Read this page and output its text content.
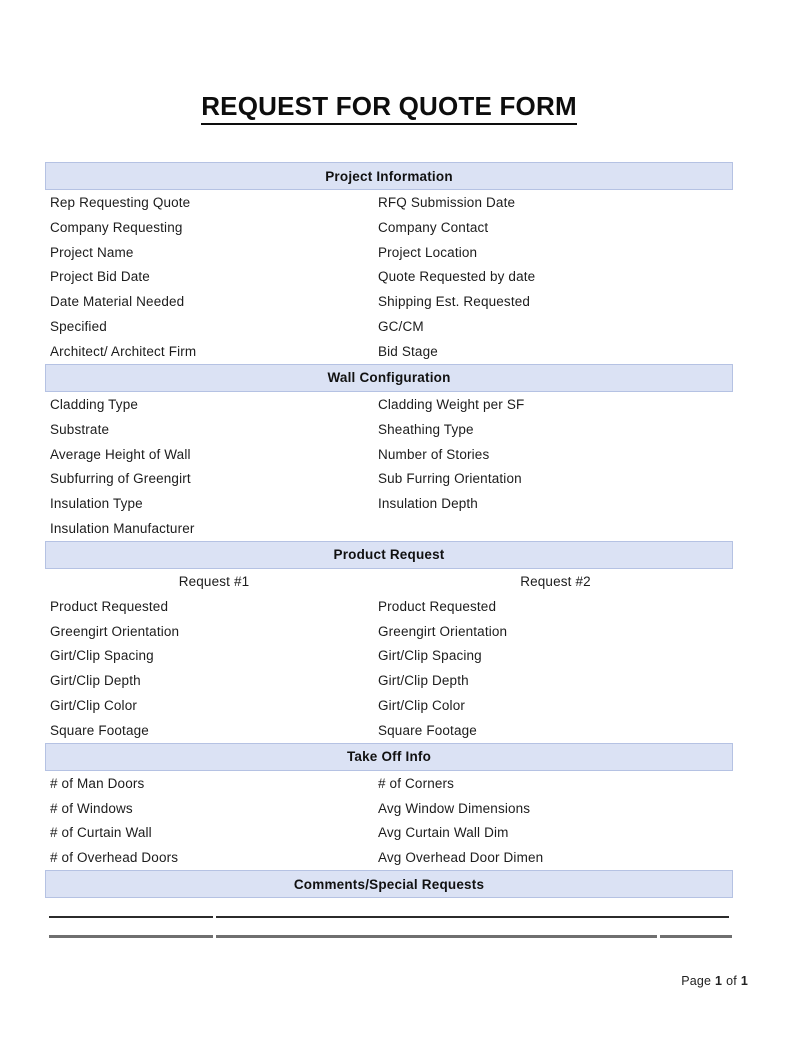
REQUEST FOR QUOTE FORM
Project Information
Rep Requesting Quote	RFQ Submission Date
Company Requesting	Company Contact
Project Name	Project Location
Project Bid Date	Quote Requested by date
Date Material Needed	Shipping Est. Requested
Specified	GC/CM
Architect/ Architect Firm	Bid Stage
Wall Configuration
Cladding Type	Cladding Weight per SF
Substrate	Sheathing Type
Average Height of Wall	Number of Stories
Subfurring of Greengirt	Sub Furring Orientation
Insulation Type	Insulation Depth
Insulation Manufacturer
Product Request
Request #1	Request #2
Product Requested	Product Requested
Greengirt Orientation	Greengirt Orientation
Girt/Clip Spacing	Girt/Clip Spacing
Girt/Clip Depth	Girt/Clip Depth
Girt/Clip Color	Girt/Clip Color
Square Footage	Square Footage
Take Off Info
# of Man Doors	# of Corners
# of Windows	Avg Window Dimensions
# of Curtain Wall	Avg Curtain Wall Dim
# of Overhead Doors	Avg Overhead Door Dimen
Comments/Special Requests
Page 1 of 1
